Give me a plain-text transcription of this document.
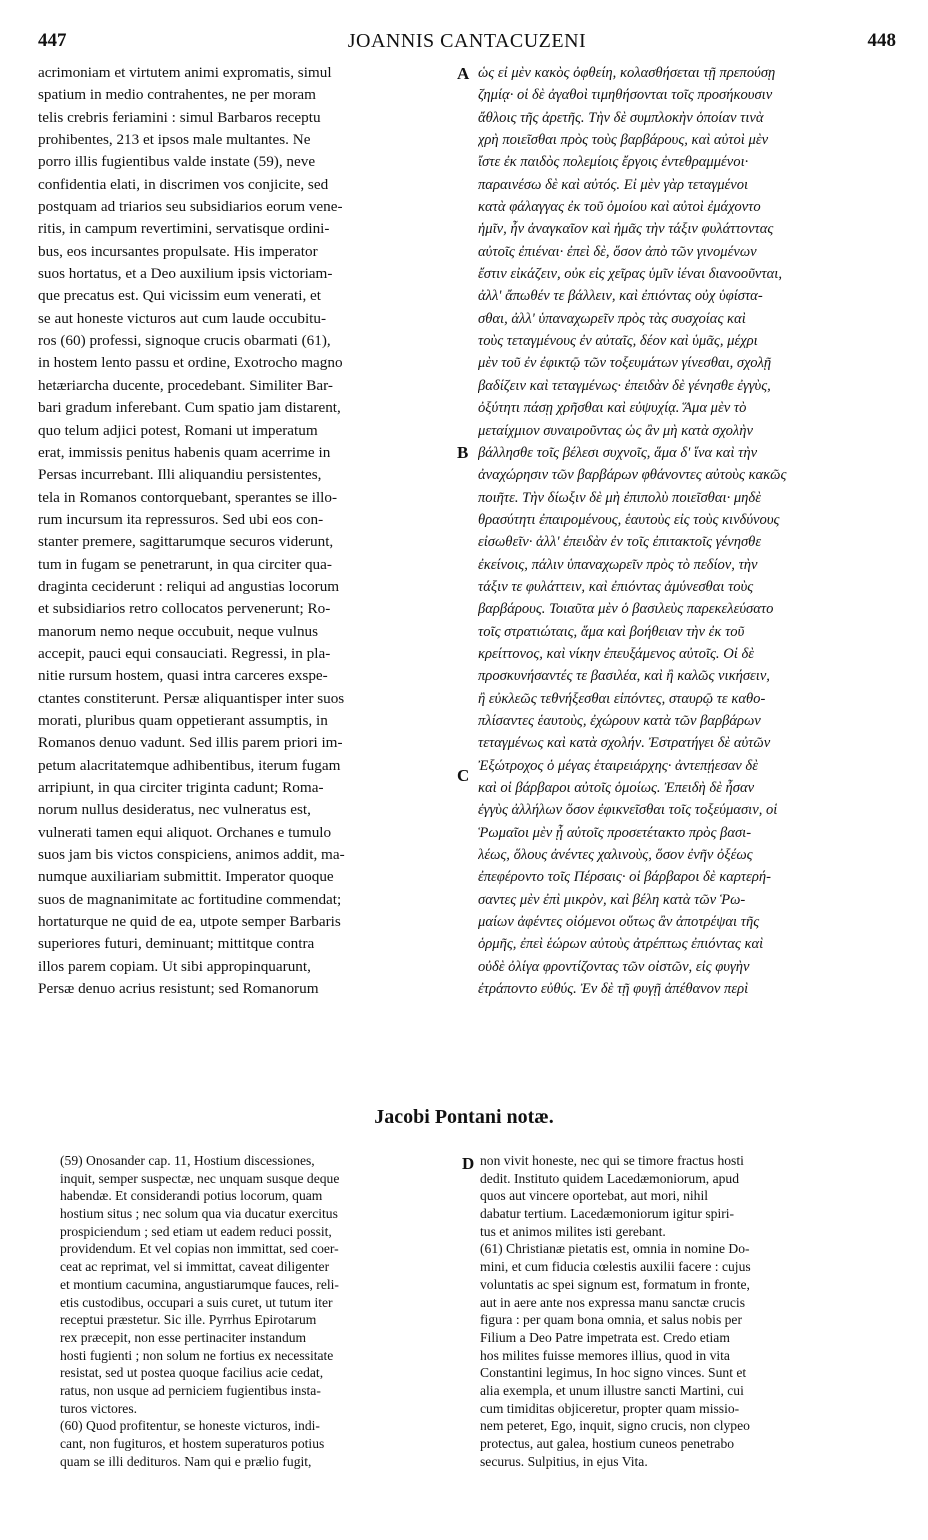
447	JOANNIS CANTACUZENI	448
acrimoniam et virtutem animi expromatis, simul
spatium in medio contrahentes, ne per moram
telis crebris feriamini : simul Barbaros receptu
prohibentes, 213 et ipsos male multantes. Ne
porro illis fugientibus valde instate (59), neve
confidentia elati, in discrimen vos conjicite, sed
postquam ad triarios seu subsidiarios eorum vene-
ritis, in campum revertimini, servatisque ordini-
bus, eos incursantes propulsate. His imperator
suos hortatus, et a Deo auxilium ipsis victoriam-
que precatus est. Qui vicissim eum venerati, et
se aut honeste victuros aut cum laude occubitu-
ros (60) professi, signoque crucis obarmati (61),
in hostem lento passu et ordine, Exotrocho magno
hetæriarcha ducente, procedebant. Similiter Bar-
bari gradum inferebant. Cum spatio jam distarent,
quo telum adjici potest, Romani ut imperatum
erat, immissis penitus habenis quam acerrime in
Persas incurrebant. Illi aliquandiu persistentes,
tela in Romanos contorquebant, sperantes se illo-
rum incursum ita repressuros. Sed ubi eos con-
stanter premere, sagittarumque securos viderunt,
tum in fugam se penetrarunt, in qua circiter qua-
draginta ceciderunt : reliqui ad angustias locorum
et subsidiarios retro collocatos pervenerunt; Ro-
manorum nemo neque occubuit, neque vulnus
accepit, pauci equi consauciati. Regressi, in pla-
nitie rursum hostem, quasi intra carceres exspe-
ctantes constiterunt. Persæ aliquantisper inter suos
morati, pluribus quam oppetierant assumptis, in
Romanos denuo vadunt. Sed illis parem priori im-
petum alacritatemque adhibentibus, iterum fugam
arripiunt, in qua circiter triginta cadunt; Roma-
norum nullus desideratus, nec vulneratus est,
vulnerati tamen equi aliquot. Orchanes e tumulo
suos jam bis victos conspiciens, animos addit, ma-
numque auxiliariam submittit. Imperator quoque
suos de magnanimitate ac fortitudine commendat;
hortaturque ne quid de ea, utpote semper Barbaris
superiores futuri, deminuant; mittitque contra
illos parem copiam. Ut sibi appropinquarunt,
Persæ denuo acrius resistunt; sed Romanorum
ὡς εἰ μὲν κακὸς ὀφθείη, κολασθήσεται τῇ πρεπούσῃ
ζημίᾳ· οἱ δὲ ἀγαθοὶ τιμηθήσονται τοῖς προσήκουσιν
ἄθλοις τῆς ἀρετῆς. Τὴν δὲ συμπλοκὴν ὁποίαν τινὰ
χρὴ ποιεῖσθαι πρὸς τοὺς βαρβάρους, καὶ αὐτοὶ μὲν
ἴστε ἐκ παιδὸς πολεμίοις ἔργοις ἐντεθραμμένοι·
παραινέσω δὲ καὶ αὐτός. Εἰ μὲν γὰρ τεταγμένοι
κατὰ φάλαγγας ἐκ τοῦ ὁμοίου καὶ αὐτοὶ ἐμάχοντο
ἡμῖν, ἦν ἀναγκαῖον καὶ ἡμᾶς τὴν τάξιν φυλάττοντας
αὐτοῖς ἐπιέναι· ἐπεὶ δὲ, ὅσον ἀπὸ τῶν γινομένων
ἔστιν εἰκάζειν, οὐκ εἰς χεῖρας ὑμῖν ἰέναι διανοοῦνται,
ἀλλ' ἄπωθέν τε βάλλειν, καὶ ἐπιόντας οὐχ ὑφίστα-
σθαι, ἀλλ' ὑπαναχωρεῖν πρὸς τὰς συσχοίας καὶ
τοὺς τεταγμένους ἐν αὐταῖς, δέον καὶ ὑμᾶς, μέχρι
μὲν τοῦ ἐν ἐφικτῷ τῶν τοξευμάτων γίνεσθαι, σχολῇ
βαδίζειν καὶ τεταγμένως· ἐπειδὰν δὲ γένησθε ἐγγὺς,
ὀξύτητι πάσῃ χρῆσθαι καὶ εὐψυχίᾳ. Ἅμα μὲν τὸ
μεταίχμιον συναιροῦντας ὡς ἂν μὴ κατὰ σχολὴν
βάλλησθε τοῖς βέλεσι συχνοῖς, ἅμα δ' ἵνα καὶ τὴν
ἀναχώρησιν τῶν βαρβάρων φθάνοντες αὐτοὺς κακῶς
ποιῆτε. Τὴν δίωξιν δὲ μὴ ἐπιπολὺ ποιεῖσθαι· μηδὲ
θρασύτητι ἐπαιρομένους, ἑαυτοὺς εἰς τοὺς κινδύνους
εἰσωθεῖν· ἀλλ' ἐπειδὰν ἐν τοῖς ἐπιτακτοῖς γένησθε
ἐκείνοις, πάλιν ὑπαναχωρεῖν πρὸς τὸ πεδίον, τὴν
τάξιν τε φυλάττειν, καὶ ἐπιόντας ἀμύνεσθαι τοὺς
βαρβάρους. Τοιαῦτα μὲν ὁ βασιλεὺς παρεκελεύσατο
τοῖς στρατιώταις, ἅμα καὶ βοήθειαν τὴν ἐκ τοῦ
κρείττονος, καὶ νίκην ἐπευξάμενος αὐτοῖς. Οἱ δὲ
προσκυνήσαντές τε βασιλέα, καὶ ἢ καλῶς νικήσειν,
ἢ εὐκλεῶς τεθνήξεσθαι εἰπόντες, σταυρῷ τε καθο-
πλίσαντες ἑαυτοὺς, ἐχώρουν κατὰ τῶν βαρβάρων
τεταγμένως καὶ κατὰ σχολήν. Ἐστρατήγει δὲ αὐτῶν
Ἐξώτροχος ὁ μέγας ἑταιρειάρχης· ἀντεπῄεσαν δὲ
καὶ οἱ βάρβαροι αὐτοῖς ὁμοίως. Ἐπειδὴ δὲ ἦσαν
ἐγγὺς ἀλλήλων ὅσον ἐφικνεῖσθαι τοῖς τοξεύμασιν, οἱ
Ῥωμαῖοι μὲν ᾗ αὐτοῖς προσετέτακτο πρὸς βασι-
λέως, ὅλους ἀνέντες χαλινοὺς, ὅσον ἐνῆν ὀξέως
ἐπεφέροντο τοῖς Πέρσαις· οἱ βάρβαροι δὲ καρτερή-
σαντες μὲν ἐπὶ μικρὸν, καὶ βέλη κατὰ τῶν Ῥω-
μαίων ἀφέντες οἰόμενοι οὕτως ἂν ἀποτρέψαι τῆς
ὁρμῆς, ἐπεὶ ἑώρων αὐτοὺς ἀτρέπτως ἐπιόντας καὶ
οὐδὲ ὀλίγα φροντίζοντας τῶν οἰστῶν, εἰς φυγὴν
ἐτράποντο εὐθύς. Ἐν δὲ τῇ φυγῇ ἀπέθανον περὶ
A
B
C
D
Jacobi Pontani notæ.
(59) Onosander cap. 11, Hostium discessiones,
inquit, semper suspectæ, nec unquam susque deque
habendæ. Et considerandi potius locorum, quam
hostium situs ; nec solum qua via ducatur exercitus
prospiciendum ; sed etiam ut eadem reduci possit,
providendum. Et vel copias non immittat, sed coer-
ceat ac reprimat, vel si immittat, caveat diligenter
et montium cacumina, angustiarumque fauces, reli-
etis custodibus, occupari a suis curet, ut tutum iter
receptui præstetur. Sic ille. Pyrrhus Epirotarum
rex præcepit, non esse pertinaciter instandum
hosti fugienti ; non solum ne fortius ex necessitate
resistat, sed ut postea quoque facilius acie cedat,
ratus, non usque ad perniciem fugientibus insta-
turos victores.
(60) Quod profitentur, se honeste victuros, indi-
cant, non fugituros, et hostem superaturos potius
quam se illi dedituros. Nam qui e prælio fugit,
non vivit honeste, nec qui se timore fractus hosti
dedit. Instituto quidem Lacedæmoniorum, apud
quos aut vincere oportebat, aut mori, nihil
dabatur tertium. Lacedæmoniorum igitur spiri-
tus et animos milites isti gerebant.
(61) Christianæ pietatis est, omnia in nomine Do-
mini, et cum fiducia cœlestis auxilii facere : cujus
voluntatis ac spei signum est, formatum in fronte,
aut in aere ante nos expressa manu sanctæ crucis
figura : per quam bona omnia, et salus nobis per
Filium a Deo Patre impetrata est. Credo etiam
hos milites fuisse memores illius, quod in vita
Constantini legimus, In hoc signo vinces. Sunt et
alia exempla, et unum illustre sancti Martini, cui
cum timiditas objiceretur, propter quam missio-
nem peteret, Ego, inquit, signo crucis, non clypeo
protectus, aut galea, hostium cuneos penetrabo
securus. Sulpitius, in ejus Vita.
